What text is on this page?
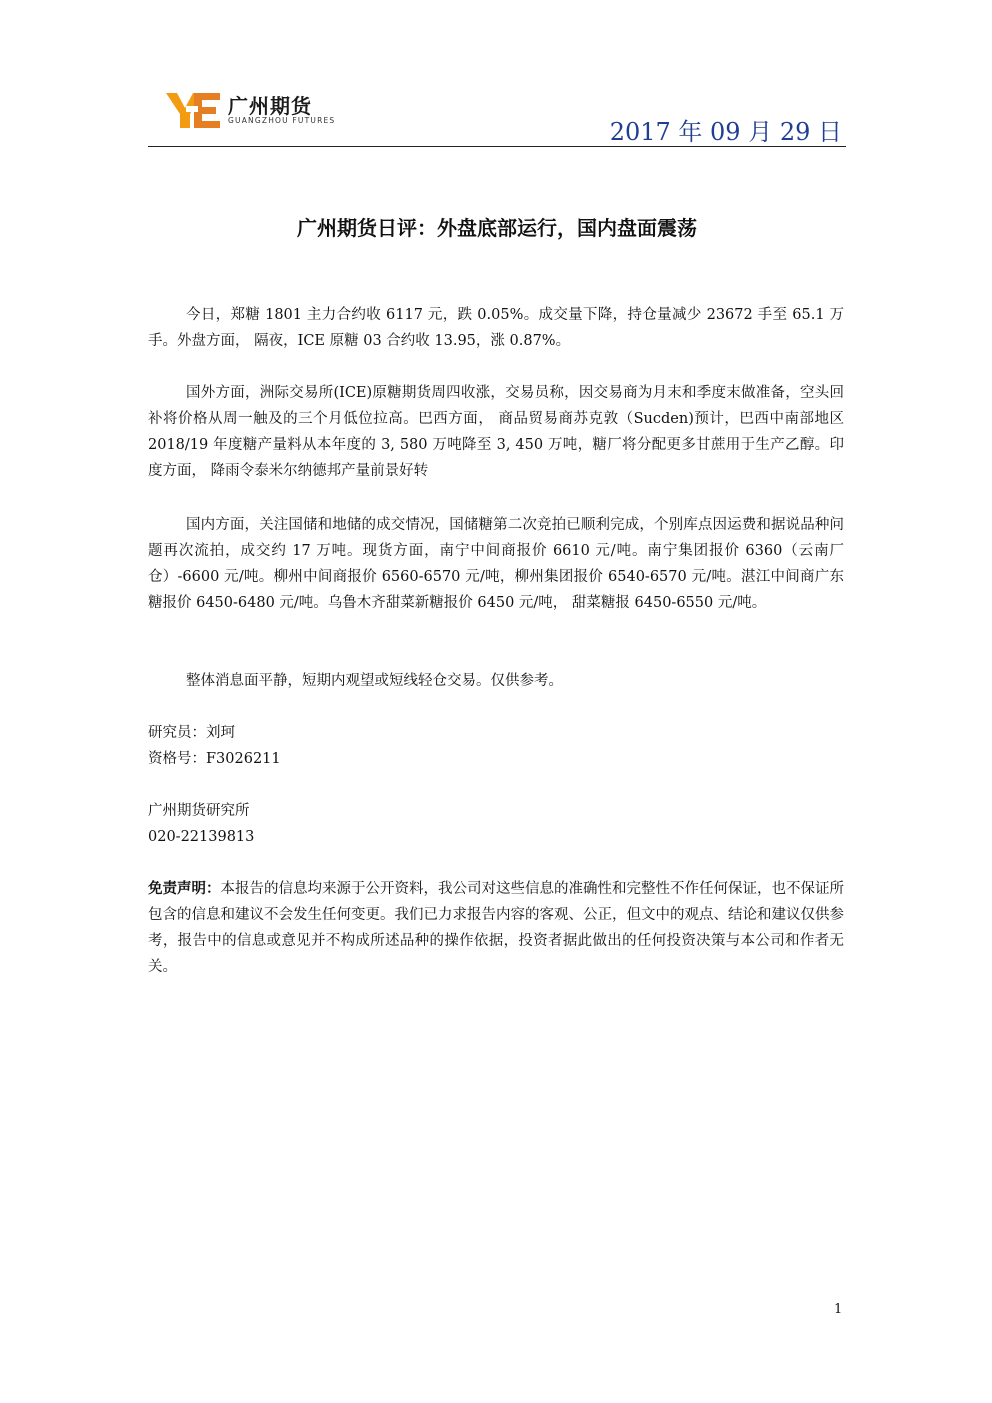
广州期货
GUANGZHOU FUTURES	2017 年 09 月 29 日
广州期货日评：外盘底部运行，国内盘面震荡

今日，郑糖 1801 主力合约收 6117 元，跌 0.05%。成交量下降，持仓量减少 23672 手至 65.1 万手。外盘方面， 隔夜，ICE 原糖 03 合约收 13.95，涨 0.87%。

国外方面，洲际交易所(ICE)原糖期货周四收涨，交易员称，因交易商为月末和季度末做准备，空头回补将价格从周一触及的三个月低位拉高。巴西方面， 商品贸易商苏克敦（Sucden)预计，巴西中南部地区 2018/19 年度糖产量料从本年度的 3, 580 万吨降至 3, 450 万吨，糖厂将分配更多甘蔗用于生产乙醇。印度方面， 降雨令泰米尔纳德邦产量前景好转

国内方面，关注国储和地储的成交情况，国储糖第二次竞拍已顺利完成，个别库点因运费和据说品种问题再次流拍，成交约 17 万吨。现货方面，南宁中间商报价 6610 元/吨。南宁集团报价 6360（云南厂仓）-6600 元/吨。柳州中间商报价 6560-6570 元/吨，柳州集团报价 6540-6570 元/吨。湛江中间商广东糖报价 6450-6480 元/吨。乌鲁木齐甜菜新糖报价 6450 元/吨， 甜菜糖报 6450-6550 元/吨。

整体消息面平静，短期内观望或短线轻仓交易。仅供参考。

研究员：刘珂
资格号：F3026211
广州期货研究所
020-22139813

免责声明：本报告的信息均来源于公开资料，我公司对这些信息的准确性和完整性不作任何保证，也不保证所包含的信息和建议不会发生任何变更。我们已力求报告内容的客观、公正，但文中的观点、结论和建议仅供参考，报告中的信息或意见并不构成所述品种的操作依据，投资者据此做出的任何投资决策与本公司和作者无关。

1
